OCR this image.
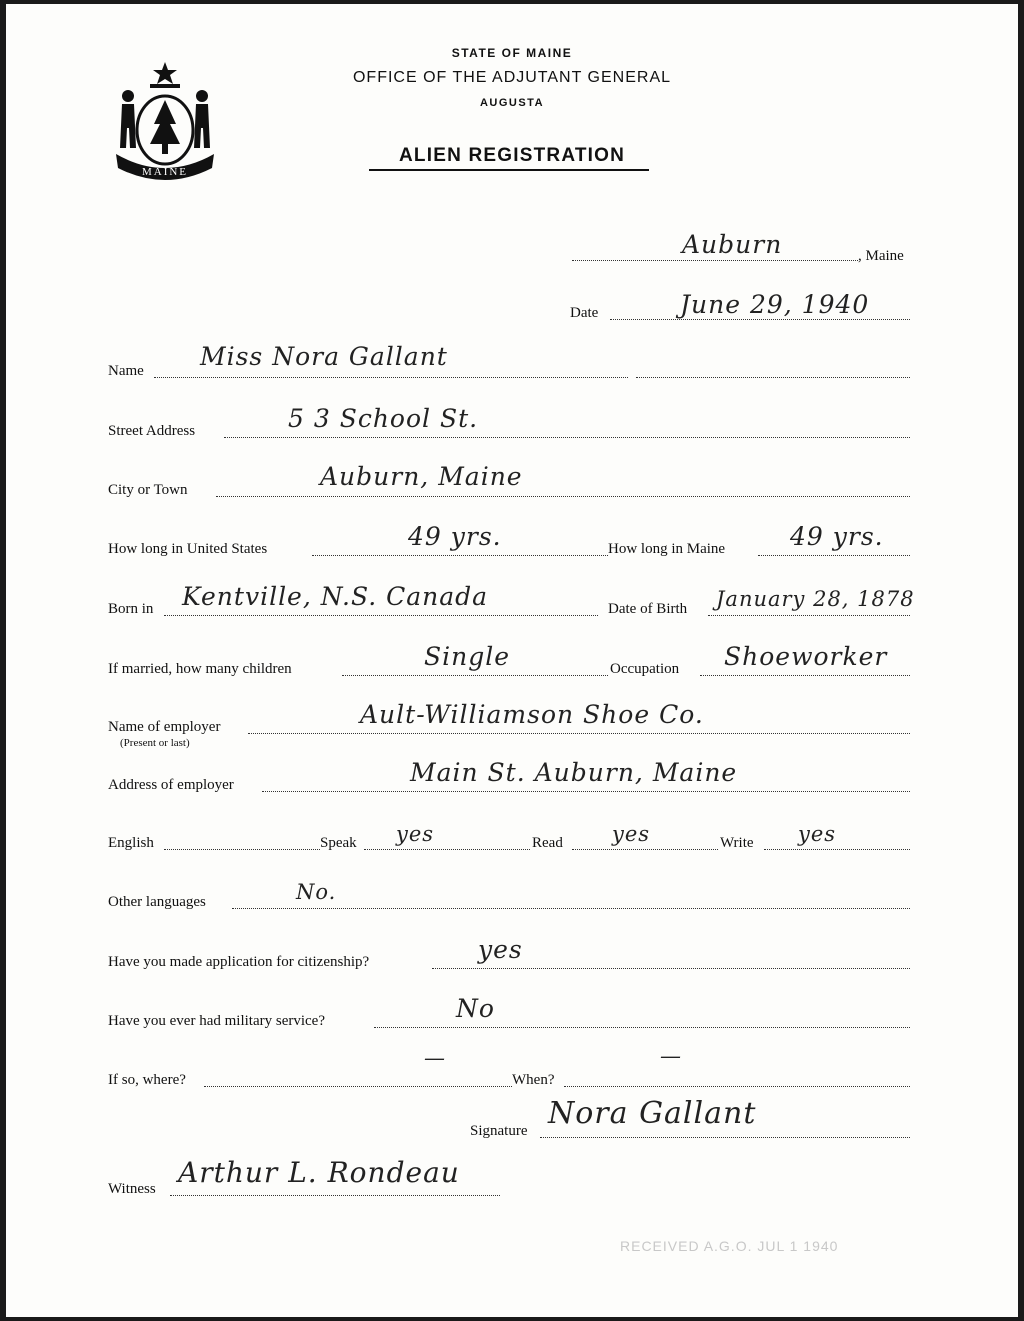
MAINE
STATE OF MAINE
OFFICE OF THE ADJUTANT GENERAL
AUGUSTA
ALIEN REGISTRATION
Auburn	, Maine
Date	June 29, 1940
Name Miss Nora Gallant
Street Address	5 3 School St.
City or Town	Auburn, Maine
How long in United States	49 yrs.	How long in Maine	49 yrs.
Born in Kentville, N.S. Canada	Date of Birth January 28, 1878
If married, how many children	Single	Occupation Shoeworker
Name of employer
(Present or last)
Ault-Williamson Shoe Co.
Address of employer	Main St. Auburn, Maine
English	Speak yes	Read yes	Write yes
Other languages	No.
Have you made application for citizenship?	yes
Have you ever had military service?	No
If so, where?
—
When?
—
Signature Nora Gallant
Witness Arthur L. Rondeau
RECEIVED A.G.O. JUL 1 1940
